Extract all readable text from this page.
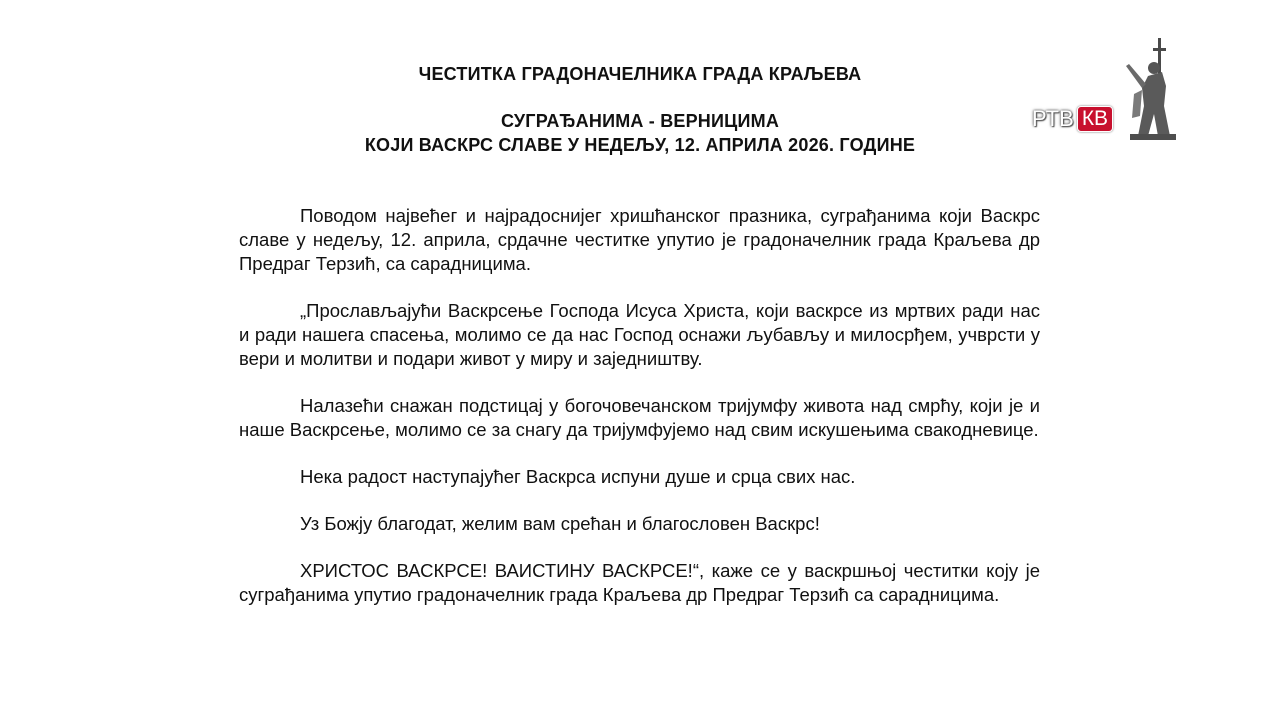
ЧЕСТИТКА ГРАДОНАЧЕЛНИКА ГРАДА КРАЉЕВА
СУГРАЂАНИМА - ВЕРНИЦИМА
КОЈИ ВАСКРС СЛАВЕ У НЕДЕЉУ, 12. АПРИЛА 2026. ГОДИНЕ

Поводом највећег и најрадоснијег хришћанског празника, суграђанима који Васкрс славе у недељу, 12. априла, срдачне честитке упутио је градоначелник града Краљева др Предраг Терзић, са сарадницима.

„Прослављајући Васкрсење Господа Исуса Христа, који васкрсе из мртвих ради нас и ради нашега спасења, молимо се да нас Господ оснажи љубављу и милосрђем, учврсти у вери и молитви и подари живот у миру и заједништву.

Налазећи снажан подстицај у богочовечанском тријумфу живота над смрћу, који је и наше Васкрсење, молимо се за снагу да тријумфујемо над свим искушењима свакодневице.

Нека радост наступајућег Васкрса испуни душе и срца свих нас.

Уз Божју благодат, желим вам срећан и благословен Васкрс!

ХРИСТОС ВАСКРСЕ! ВАИСТИНУ ВАСКРСЕ!“, каже се у васкршњој честитки коју је суграђанима упутио градоначелник града Краљева др Предраг Терзић са сарадницима.

РТВ КВ
